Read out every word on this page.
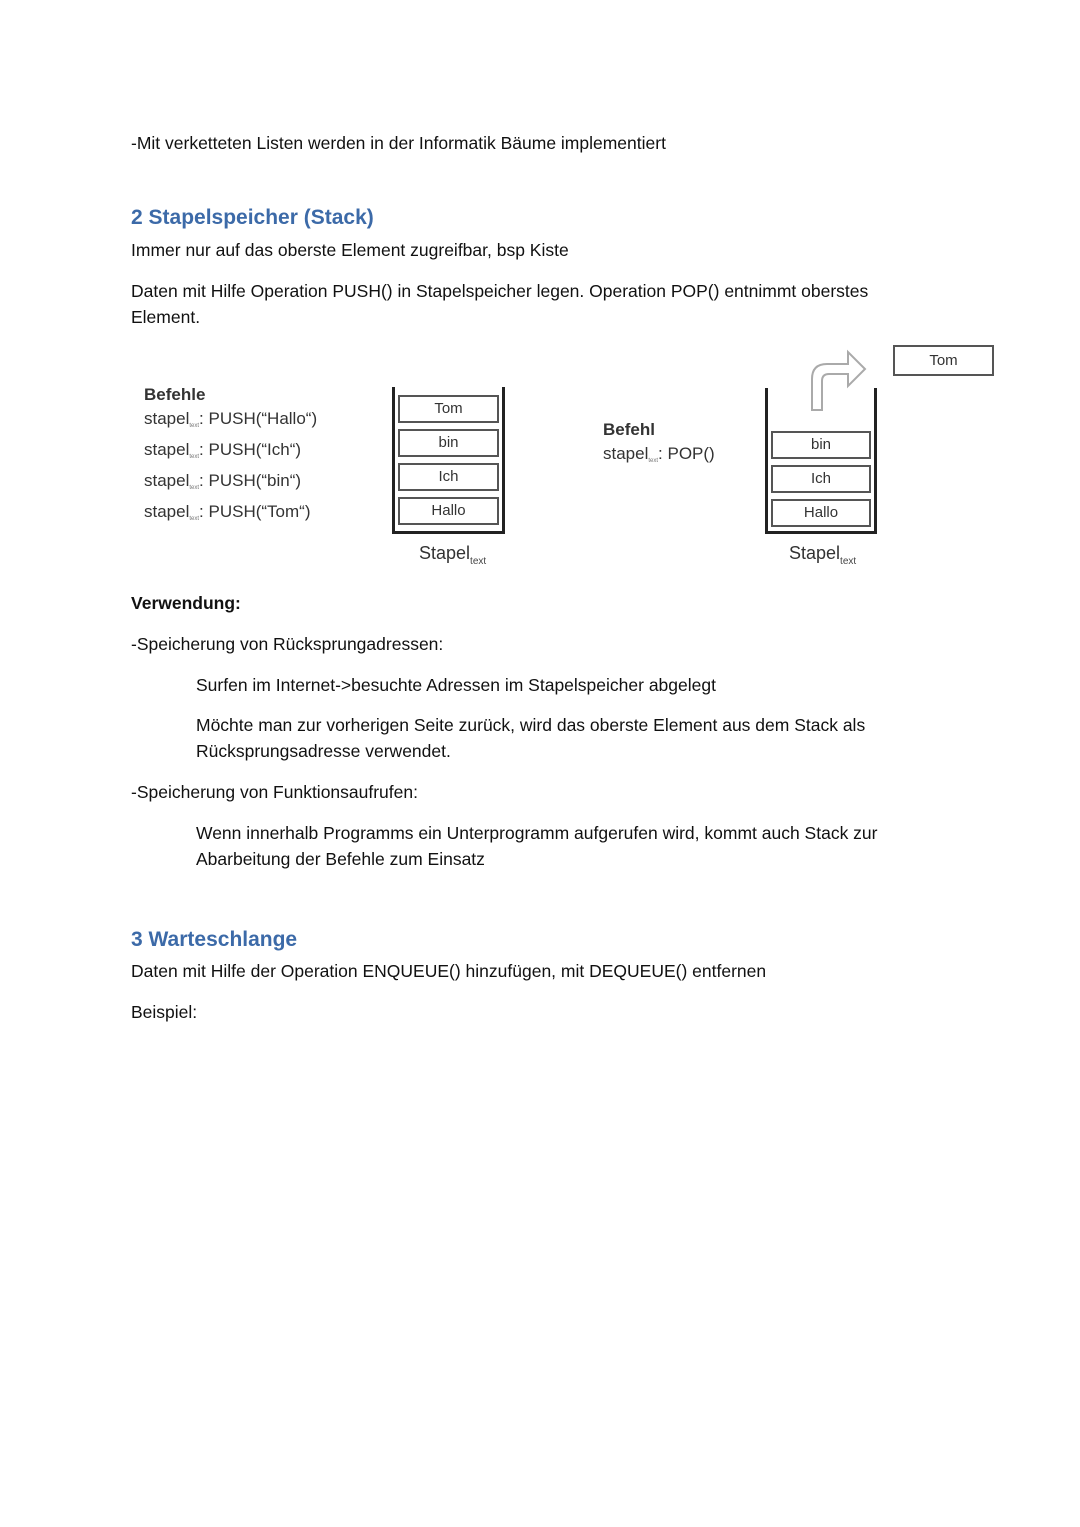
-Mit verketteten Listen werden in der Informatik Bäume implementiert

2 Stapelspeicher (Stack)

Immer nur auf das oberste Element zugreifbar, bsp Kiste

Daten mit Hilfe Operation PUSH() in Stapelspeicher legen. Operation POP() entnimmt oberstes

Element.

Befehle
stapel$_{text}$: PUSH(“Hallo“)
stapel$_{text}$: PUSH(“Ich“)
stapel$_{text}$: PUSH(“bin“)
stapel$_{text}$: PUSH(“Tom“)
Tom
bin
Ich
Hallo
Stapel$_{text}$
Befehl
stapel$_{text}$: POP()
Tom
bin
Ich
Hallo
Stapel$_{text}$

Verwendung:

-Speicherung von Rücksprungadressen:

Surfen im Internet->besuchte Adressen im Stapelspeicher abgelegt

Möchte man zur vorherigen Seite zurück, wird das oberste Element aus dem Stack als

Rücksprungsadresse verwendet.

-Speicherung von Funktionsaufrufen:

Wenn innerhalb Programms ein Unterprogramm aufgerufen wird, kommt auch Stack zur

Abarbeitung der Befehle zum Einsatz

3 Warteschlange

Daten mit Hilfe der Operation ENQUEUE() hinzufügen, mit DEQUEUE() entfernen

Beispiel:
